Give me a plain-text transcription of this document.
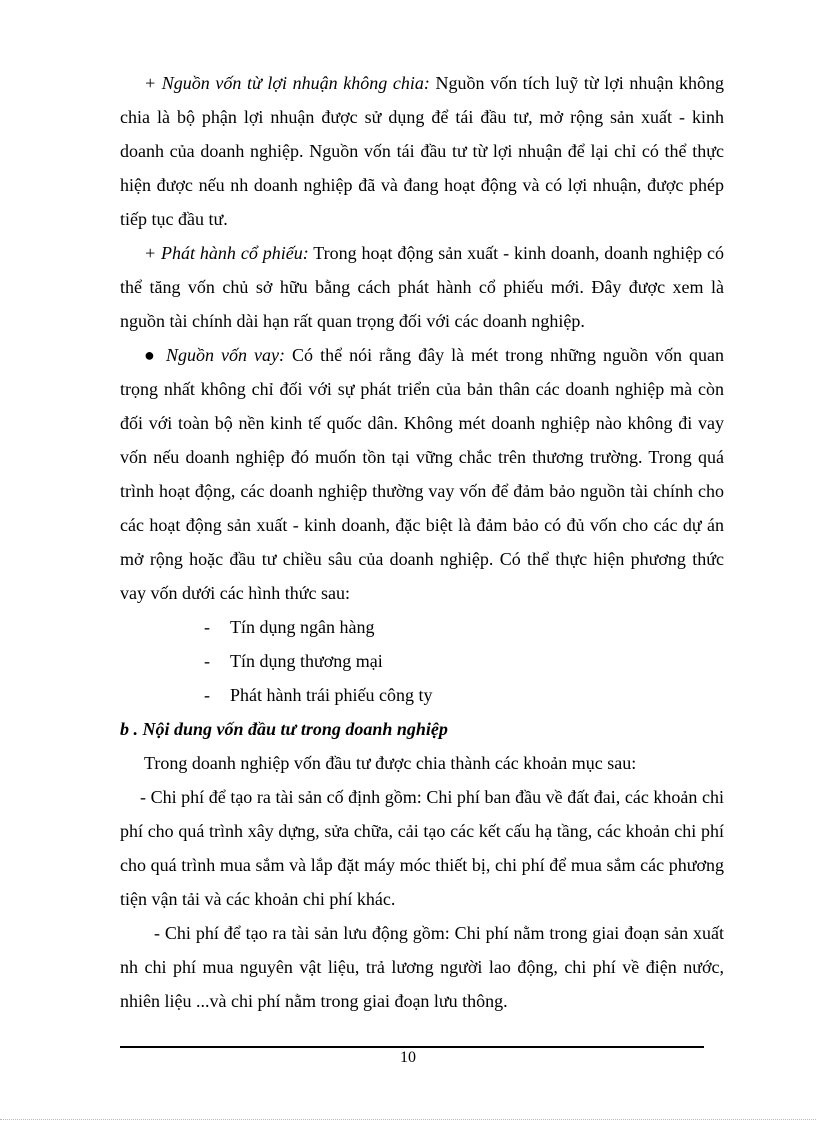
+ Nguồn vốn từ lợi nhuận không chia: Nguồn vốn tích luỹ từ lợi nhuận không chia là bộ phận lợi nhuận được sử dụng để tái đầu tư, mở rộng sản xuất - kinh doanh của doanh nghiệp. Nguồn vốn tái đầu tư từ lợi nhuận để lại chỉ có thể thực hiện được nếu nh doanh nghiệp đã và đang hoạt động và có lợi nhuận, được phép tiếp tục đầu tư.

+ Phát hành cổ phiếu: Trong hoạt động sản xuất - kinh doanh, doanh nghiệp có thể tăng vốn chủ sở hữu bằng cách phát hành cổ phiếu mới. Đây được xem là nguồn tài chính dài hạn rất quan trọng đối với các doanh nghiệp.

● Nguồn vốn vay: Có thể nói rằng đây là mét trong những nguồn vốn quan trọng nhất không chỉ đối với sự phát triển của bản thân các doanh nghiệp mà còn đối với toàn bộ nền kinh tế quốc dân. Không mét doanh nghiệp nào không đi vay vốn nếu doanh nghiệp đó muốn tồn tại vững chắc trên thương trường. Trong quá trình hoạt động, các doanh nghiệp thường vay vốn để đảm bảo nguồn tài chính cho các hoạt động sản xuất - kinh doanh, đặc biệt là đảm bảo có đủ vốn cho các dự án mở rộng hoặc đầu tư chiều sâu của doanh nghiệp. Có thể thực hiện phương thức vay vốn dưới các hình thức sau:

- Tín dụng ngân hàng
- Tín dụng thương mại
- Phát hành trái phiếu công ty

b . Nội dung vốn đầu tư trong doanh nghiệp

Trong doanh nghiệp vốn đầu tư được chia thành các khoản mục sau:

- Chi phí để tạo ra tài sản cố định gồm: Chi phí ban đầu về đất đai, các khoản chi phí cho quá trình xây dựng, sửa chữa, cải tạo các kết cấu hạ tầng, các khoản chi phí cho quá trình mua sắm và lắp đặt máy móc thiết bị, chi phí để mua sắm các phương tiện vận tải và các khoản chi phí khác.

- Chi phí để tạo ra tài sản lưu động gồm: Chi phí nằm trong giai đoạn sản xuất nh chi phí mua nguyên vật liệu, trả lương người lao động, chi phí về điện nước, nhiên liệu ...và chi phí nằm trong giai đoạn lưu thông.

10
